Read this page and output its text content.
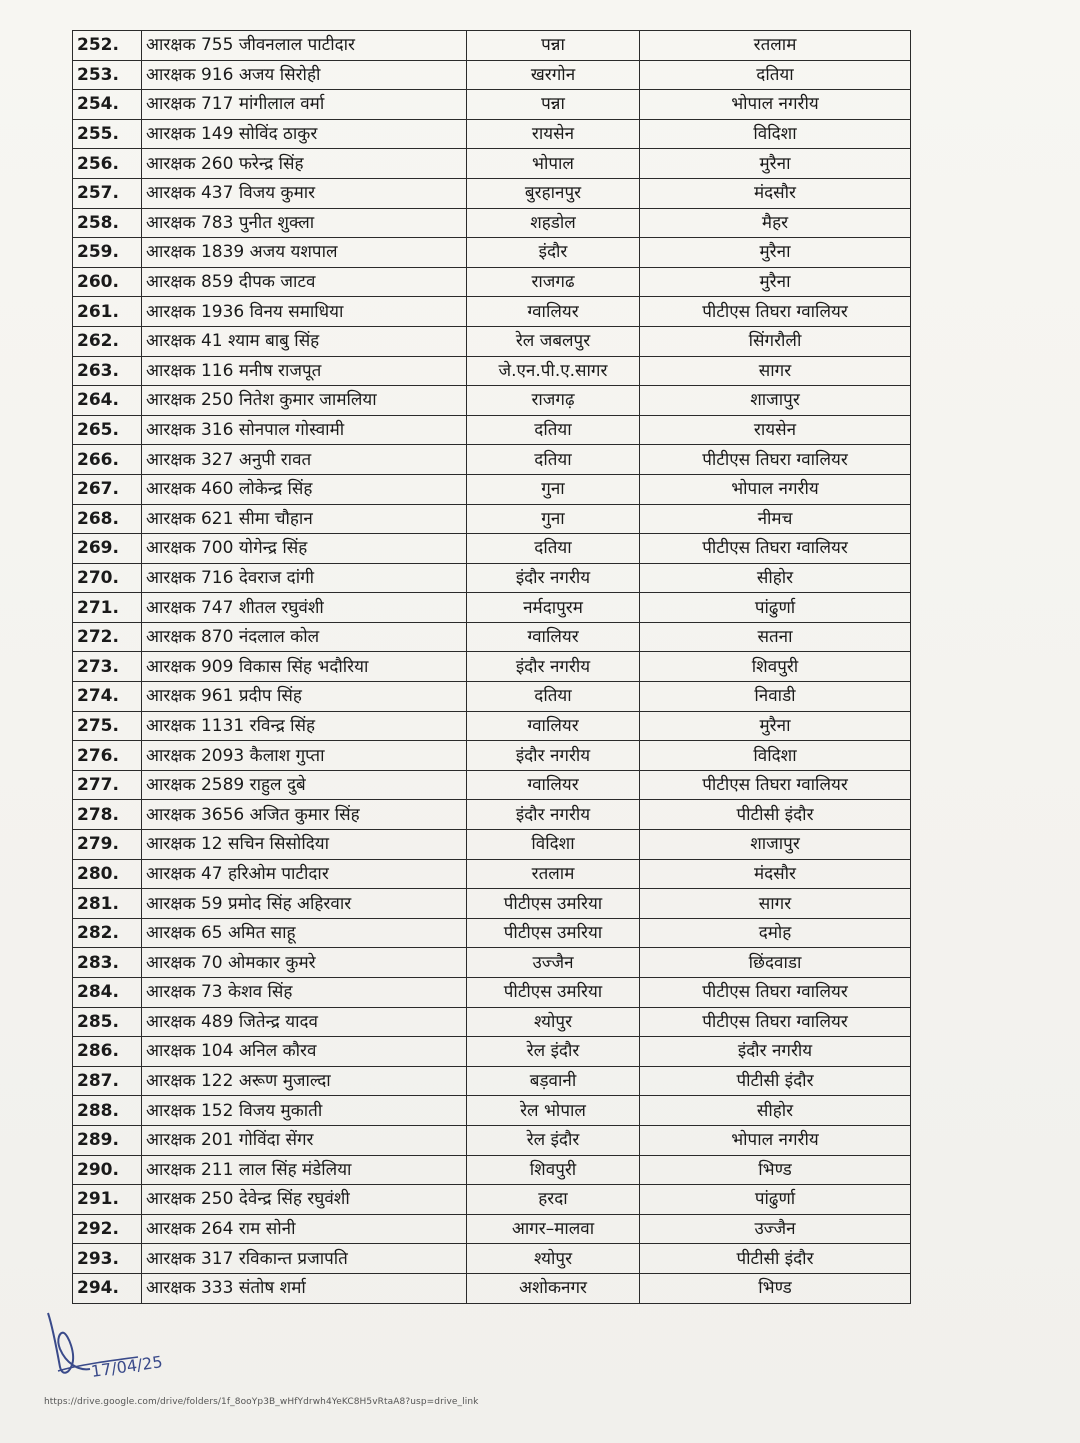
252.	आरक्षक 755 जीवनलाल पाटीदार	पन्ना	रतलाम
253.	आरक्षक 916 अजय सिरोही	खरगोन	दतिया
254.	आरक्षक 717 मांगीलाल वर्मा	पन्ना	भोपाल नगरीय
255.	आरक्षक 149 सोविंद ठाकुर	रायसेन	विदिशा
256.	आरक्षक 260 फरेन्द्र सिंह	भोपाल	मुरैना
257.	आरक्षक 437 विजय कुमार	बुरहानपुर	मंदसौर
258.	आरक्षक 783 पुनीत शुक्ला	शहडोल	मैहर
259.	आरक्षक 1839 अजय यशपाल	इंदौर	मुरैना
260.	आरक्षक 859 दीपक जाटव	राजगढ	मुरैना
261.	आरक्षक 1936 विनय समाधिया	ग्वालियर	पीटीएस तिघरा ग्वालियर
262.	आरक्षक 41 श्याम बाबु सिंह	रेल जबलपुर	सिंगरौली
263.	आरक्षक 116 मनीष राजपूत	जे.एन.पी.ए.सागर	सागर
264.	आरक्षक 250 नितेश कुमार जामलिया	राजगढ़	शाजापुर
265.	आरक्षक 316 सोनपाल गोस्वामी	दतिया	रायसेन
266.	आरक्षक 327 अनुपी रावत	दतिया	पीटीएस तिघरा ग्वालियर
267.	आरक्षक 460 लोकेन्द्र सिंह	गुना	भोपाल नगरीय
268.	आरक्षक 621 सीमा चौहान	गुना	नीमच
269.	आरक्षक 700 योगेन्द्र सिंह	दतिया	पीटीएस तिघरा ग्वालियर
270.	आरक्षक 716 देवराज दांगी	इंदौर नगरीय	सीहोर
271.	आरक्षक 747 शीतल रघुवंशी	नर्मदापुरम	पांढुर्णा
272.	आरक्षक 870 नंदलाल कोल	ग्वालियर	सतना
273.	आरक्षक 909 विकास सिंह भदौरिया	इंदौर नगरीय	शिवपुरी
274.	आरक्षक 961 प्रदीप सिंह	दतिया	निवाडी
275.	आरक्षक 1131 रविन्द्र सिंह	ग्वालियर	मुरैना
276.	आरक्षक 2093 कैलाश गुप्ता	इंदौर नगरीय	विदिशा
277.	आरक्षक 2589 राहुल दुबे	ग्वालियर	पीटीएस तिघरा ग्वालियर
278.	आरक्षक 3656 अजित कुमार सिंह	इंदौर नगरीय	पीटीसी इंदौर
279.	आरक्षक 12 सचिन सिसोदिया	विदिशा	शाजापुर
280.	आरक्षक 47 हरिओम पाटीदार	रतलाम	मंदसौर
281.	आरक्षक 59 प्रमोद सिंह अहिरवार	पीटीएस उमरिया	सागर
282.	आरक्षक 65 अमित साहू	पीटीएस उमरिया	दमोह
283.	आरक्षक 70 ओमकार कुमरे	उज्जैन	छिंदवाडा
284.	आरक्षक 73 केशव सिंह	पीटीएस उमरिया	पीटीएस तिघरा ग्वालियर
285.	आरक्षक 489 जितेन्द्र यादव	श्योपुर	पीटीएस तिघरा ग्वालियर
286.	आरक्षक 104 अनिल कौरव	रेल इंदौर	इंदौर नगरीय
287.	आरक्षक 122 अरूण मुजाल्दा	बड़वानी	पीटीसी इंदौर
288.	आरक्षक 152 विजय मुकाती	रेल भोपाल	सीहोर
289.	आरक्षक 201 गोविंदा सेंगर	रेल इंदौर	भोपाल नगरीय
290.	आरक्षक 211 लाल सिंह मंडेलिया	शिवपुरी	भिण्ड
291.	आरक्षक 250 देवेन्द्र सिंह रघुवंशी	हरदा	पांढुर्णा
292.	आरक्षक 264 राम सोनी	आगर–मालवा	उज्जैन
293.	आरक्षक 317 रविकान्त प्रजापति	श्योपुर	पीटीसी इंदौर
294.	आरक्षक 333 संतोष शर्मा	अशोकनगर	भिण्ड
17/04/25
https://drive.google.com/drive/folders/1f_8ooYp3B_wHfYdrwh4YeKC8H5vRtaA8?usp=drive_link
